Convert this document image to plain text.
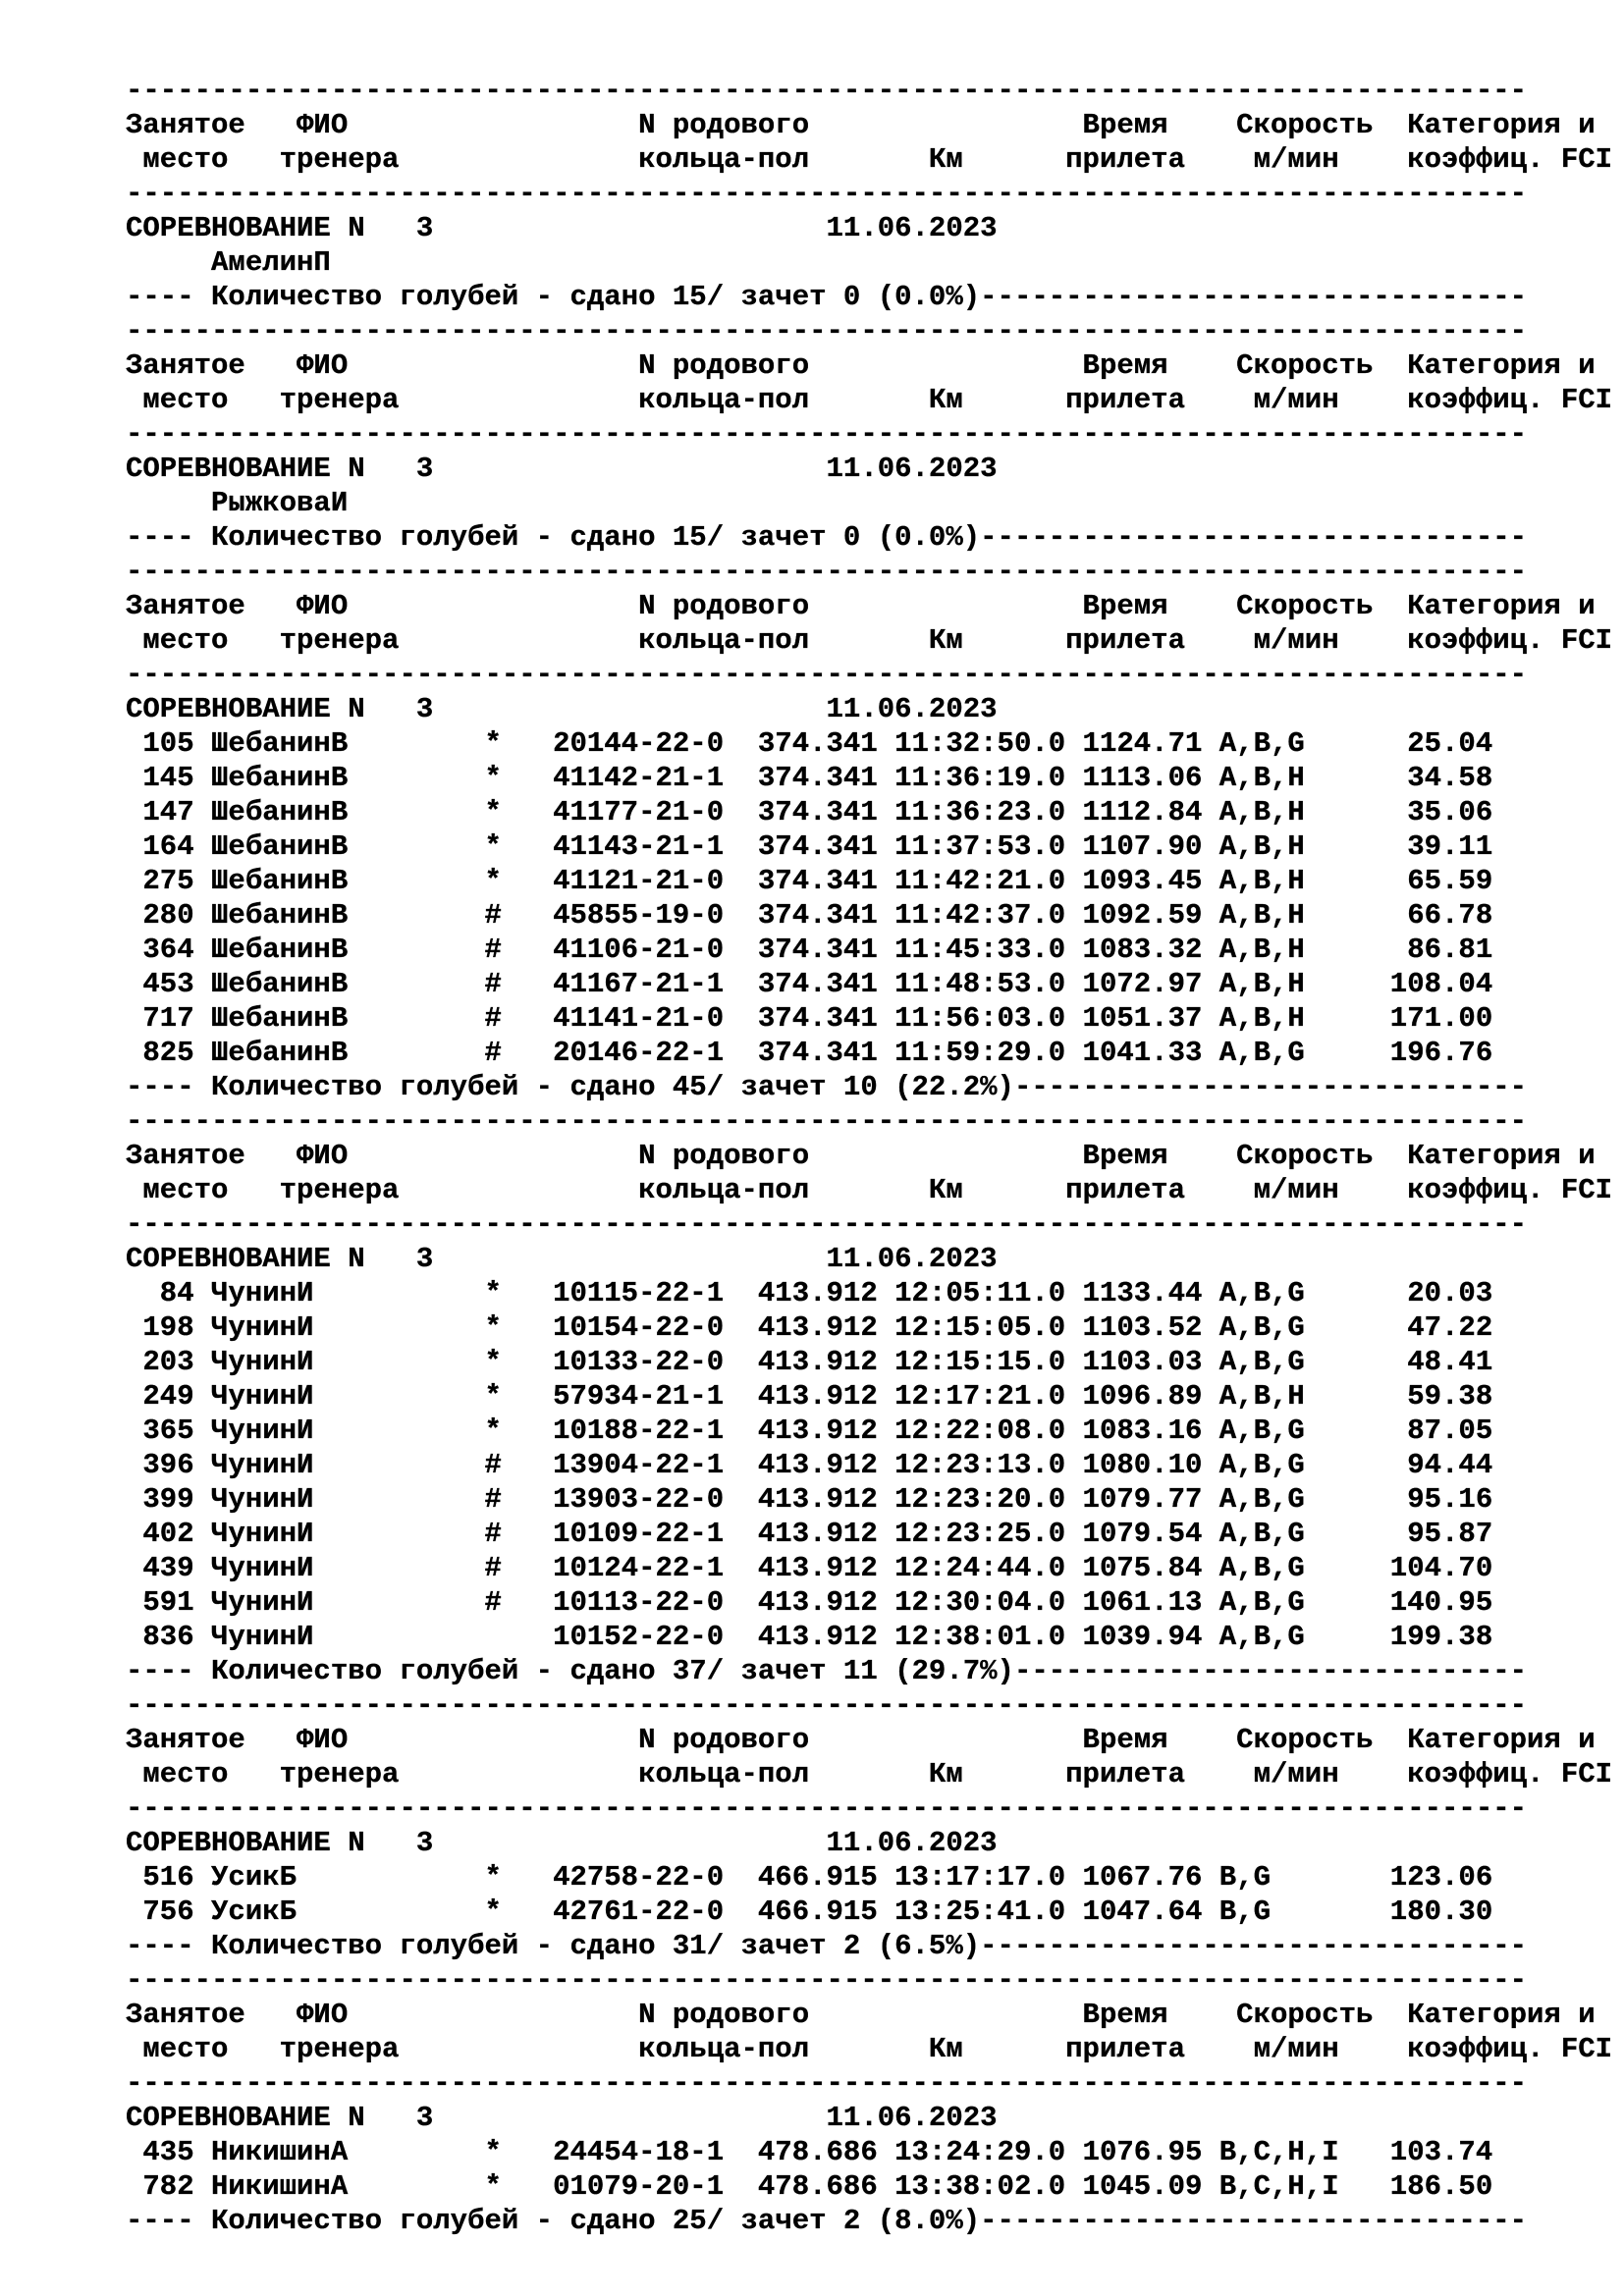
----------------------------------------------------------------------------------
Занятое   ФИО                 N родового                Время    Скорость  Категория и
место   тренера              кольца-пол       Км      прилета    м/мин    коэффиц. FCI
----------------------------------------------------------------------------------
СОРЕВНОВАНИЕ N   3                       11.06.2023
АмелинП
---- Количество голубей - сдано 15/ зачет 0 (0.0%)--------------------------------
----------------------------------------------------------------------------------
Занятое   ФИО                 N родового                Время    Скорость  Категория и
место   тренера              кольца-пол       Км      прилета    м/мин    коэффиц. FCI
----------------------------------------------------------------------------------
СОРЕВНОВАНИЕ N   3                       11.06.2023
РыжковаИ
---- Количество голубей - сдано 15/ зачет 0 (0.0%)--------------------------------
----------------------------------------------------------------------------------
Занятое   ФИО                 N родового                Время    Скорость  Категория и
место   тренера              кольца-пол       Км      прилета    м/мин    коэффиц. FCI
----------------------------------------------------------------------------------
СОРЕВНОВАНИЕ N   3                       11.06.2023
105 ШебанинВ        *   20144-22-0  374.341 11:32:50.0 1124.71 A,B,G      25.04
145 ШебанинВ        *   41142-21-1  374.341 11:36:19.0 1113.06 A,B,H      34.58
147 ШебанинВ        *   41177-21-0  374.341 11:36:23.0 1112.84 A,B,H      35.06
164 ШебанинВ        *   41143-21-1  374.341 11:37:53.0 1107.90 A,B,H      39.11
275 ШебанинВ        *   41121-21-0  374.341 11:42:21.0 1093.45 A,B,H      65.59
280 ШебанинВ        #   45855-19-0  374.341 11:42:37.0 1092.59 A,B,H      66.78
364 ШебанинВ        #   41106-21-0  374.341 11:45:33.0 1083.32 A,B,H      86.81
453 ШебанинВ        #   41167-21-1  374.341 11:48:53.0 1072.97 A,B,H     108.04
717 ШебанинВ        #   41141-21-0  374.341 11:56:03.0 1051.37 A,B,H     171.00
825 ШебанинВ        #   20146-22-1  374.341 11:59:29.0 1041.33 A,B,G     196.76
---- Количество голубей - сдано 45/ зачет 10 (22.2%)------------------------------
----------------------------------------------------------------------------------
Занятое   ФИО                 N родового                Время    Скорость  Категория и
место   тренера              кольца-пол       Км      прилета    м/мин    коэффиц. FCI
----------------------------------------------------------------------------------
СОРЕВНОВАНИЕ N   3                       11.06.2023
84 ЧунинИ          *   10115-22-1  413.912 12:05:11.0 1133.44 A,B,G      20.03
198 ЧунинИ          *   10154-22-0  413.912 12:15:05.0 1103.52 A,B,G      47.22
203 ЧунинИ          *   10133-22-0  413.912 12:15:15.0 1103.03 A,B,G      48.41
249 ЧунинИ          *   57934-21-1  413.912 12:17:21.0 1096.89 A,B,H      59.38
365 ЧунинИ          *   10188-22-1  413.912 12:22:08.0 1083.16 A,B,G      87.05
396 ЧунинИ          #   13904-22-1  413.912 12:23:13.0 1080.10 A,B,G      94.44
399 ЧунинИ          #   13903-22-0  413.912 12:23:20.0 1079.77 A,B,G      95.16
402 ЧунинИ          #   10109-22-1  413.912 12:23:25.0 1079.54 A,B,G      95.87
439 ЧунинИ          #   10124-22-1  413.912 12:24:44.0 1075.84 A,B,G     104.70
591 ЧунинИ          #   10113-22-0  413.912 12:30:04.0 1061.13 A,B,G     140.95
836 ЧунинИ              10152-22-0  413.912 12:38:01.0 1039.94 A,B,G     199.38
---- Количество голубей - сдано 37/ зачет 11 (29.7%)------------------------------
----------------------------------------------------------------------------------
Занятое   ФИО                 N родового                Время    Скорость  Категория и
место   тренера              кольца-пол       Км      прилета    м/мин    коэффиц. FCI
----------------------------------------------------------------------------------
СОРЕВНОВАНИЕ N   3                       11.06.2023
516 УсикБ           *   42758-22-0  466.915 13:17:17.0 1067.76 B,G       123.06
756 УсикБ           *   42761-22-0  466.915 13:25:41.0 1047.64 B,G       180.30
---- Количество голубей - сдано 31/ зачет 2 (6.5%)--------------------------------
----------------------------------------------------------------------------------
Занятое   ФИО                 N родового                Время    Скорость  Категория и
место   тренера              кольца-пол       Км      прилета    м/мин    коэффиц. FCI
----------------------------------------------------------------------------------
СОРЕВНОВАНИЕ N   3                       11.06.2023
435 НикишинА        *   24454-18-1  478.686 13:24:29.0 1076.95 B,C,H,I   103.74
782 НикишинА        *   01079-20-1  478.686 13:38:02.0 1045.09 B,C,H,I   186.50
---- Количество голубей - сдано 25/ зачет 2 (8.0%)--------------------------------
